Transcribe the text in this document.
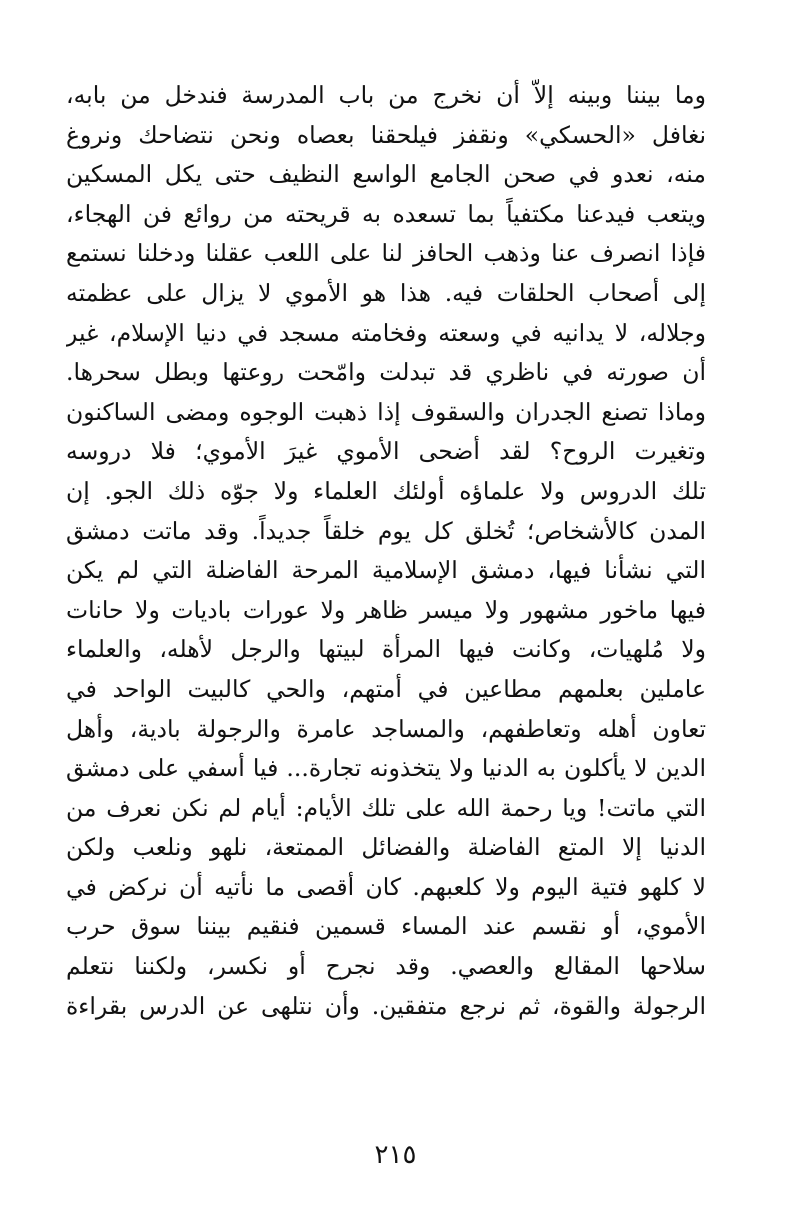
وما بيننا وبينه إلاّ أن نخرج من باب المدرسة فندخل من بابه،
نغافل «الحسكي» ونقفز فيلحقنا بعصاه ونحن نتضاحك ونروغ
منه، نعدو في صحن الجامع الواسع النظيف حتى يكل المسكين
ويتعب فيدعنا مكتفياً بما تسعده به قريحته من روائع فن الهجاء،
فإذا انصرف عنا وذهب الحافز لنا على اللعب عقلنا ودخلنا نستمع
إلى أصحاب الحلقات فيه. هذا هو الأموي لا يزال على عظمته
وجلاله، لا يدانيه في وسعته وفخامته مسجد في دنيا الإسلام، غير
أن صورته في ناظري قد تبدلت وامّحت روعتها وبطل سحرها.
وماذا تصنع الجدران والسقوف إذا ذهبت الوجوه ومضى الساكنون
وتغيرت الروح؟ لقد أضحى الأموي غيرَ الأموي؛ فلا دروسه
تلك الدروس ولا علماؤه أولئك العلماء ولا جوّه ذلك الجو. إن
المدن كالأشخاص؛ تُخلق كل يوم خلقاً جديداً. وقد ماتت دمشق
التي نشأنا فيها، دمشق الإسلامية المرحة الفاضلة التي لم يكن
فيها ماخور مشهور ولا ميسر ظاهر ولا عورات باديات ولا حانات
ولا مُلهيات، وكانت فيها المرأة لبيتها والرجل لأهله، والعلماء
عاملين بعلمهم مطاعين في أمتهم، والحي كالبيت الواحد في
تعاون أهله وتعاطفهم، والمساجد عامرة والرجولة بادية، وأهل
الدين لا يأكلون به الدنيا ولا يتخذونه تجارة... فيا أسفي على دمشق
التي ماتت! ويا رحمة الله على تلك الأيام: أيام لم نكن نعرف من
الدنيا إلا المتع الفاضلة والفضائل الممتعة، نلهو ونلعب ولكن
لا كلهو فتية اليوم ولا كلعبهم. كان أقصى ما نأتيه أن نركض في
الأموي، أو نقسم عند المساء قسمين فنقيم بيننا سوق حرب
سلاحها المقالع والعصي. وقد نجرح أو نكسر، ولكننا نتعلم
الرجولة والقوة، ثم نرجع متفقين. وأن نتلهى عن الدرس بقراءة
٢١٥
